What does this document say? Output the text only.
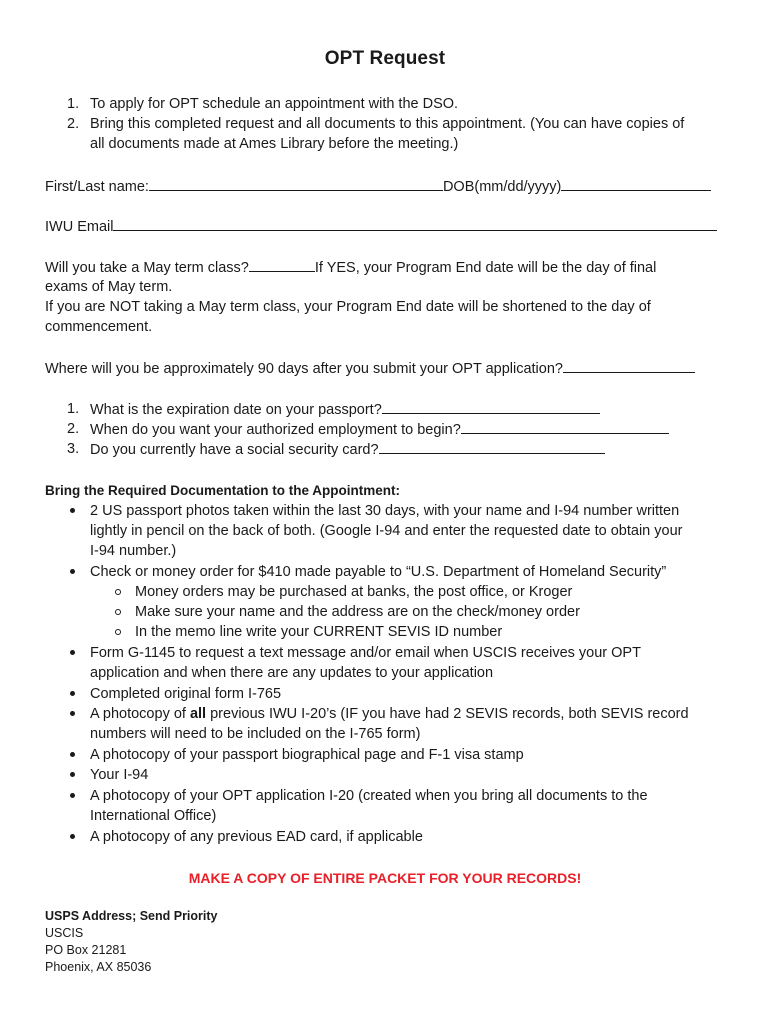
OPT Request
1. To apply for OPT schedule an appointment with the DSO.
2. Bring this completed request and all documents to this appointment. (You can have copies of
all documents made at Ames Library before the meeting.)
First/Last name:	DOB(mm/dd/yyyy)
IWU Email
Will you take a May term class?	If YES, your Program End date will be the day of final
exams of May term.
If you are NOT taking a May term class, your Program End date will be shortened to the day of
commencement.
Where will you be approximately 90 days after you submit your OPT application?
1. What is the expiration date on your passport?
2. When do you want your authorized employment to begin?
3. Do you currently have a social security card?
Bring the Required Documentation to the Appointment:
2 US passport photos taken within the last 30 days, with your name and I-94 number written
lightly in pencil on the back of both. (Google I-94 and enter the requested date to obtain your
I-94 number.)
Check or money order for $410 made payable to “U.S. Department of Homeland Security”
Money orders may be purchased at banks, the post office, or Kroger
Make sure your name and the address are on the check/money order
In the memo line write your CURRENT SEVIS ID number
Form G-1145 to request a text message and/or email when USCIS receives your OPT
application and when there are any updates to your application
Completed original form I-765
A photocopy of all previous IWU I-20’s (IF you have had 2 SEVIS records, both SEVIS record
numbers will need to be included on the I-765 form)
A photocopy of your passport biographical page and F-1 visa stamp
Your I-94
A photocopy of your OPT application I-20 (created when you bring all documents to the
International Office)
A photocopy of any previous EAD card, if applicable
MAKE A COPY OF ENTIRE PACKET FOR YOUR RECORDS!
USPS Address; Send Priority
USCIS
PO Box 21281
Phoenix, AX 85036
